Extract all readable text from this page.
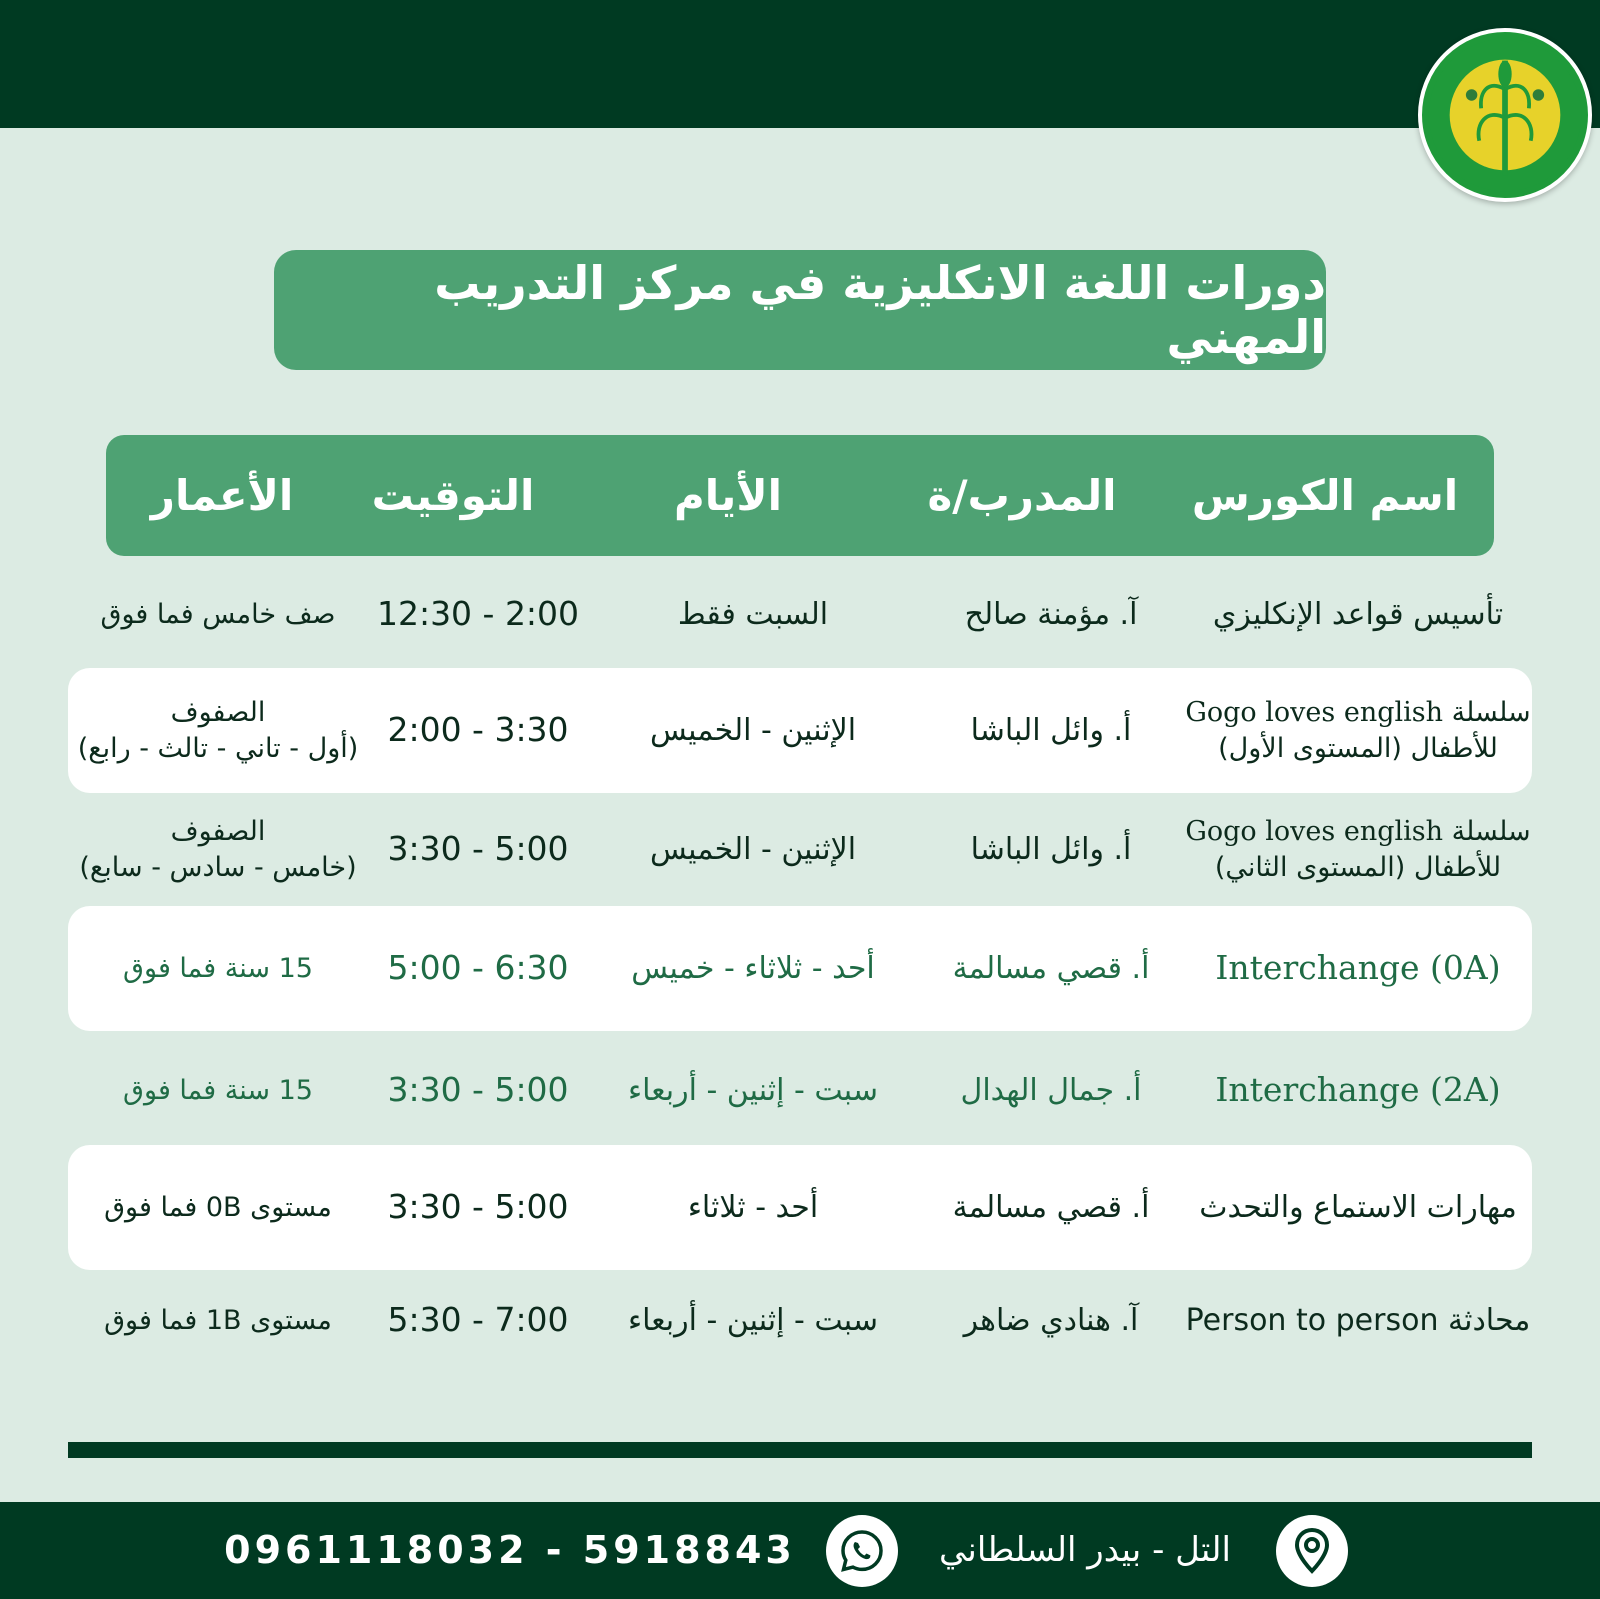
دورات اللغة الانكليزية في مركز التدريب المهني
اسم الكورس
المدرب/ة
الأيام
التوقيت
الأعمار
تأسيس قواعد الإنكليزي
آ. مؤمنة صالح
السبت فقط
12:30 - 2:00
صف خامس فما فوق
سلسلة Gogo loves english
للأطفال (المستوى الأول)
أ. وائل الباشا
الإثنين - الخميس
2:00 - 3:30
الصفوف
(أول - تاني - تالث - رابع)
سلسلة Gogo loves english
للأطفال (المستوى الثاني)
أ. وائل الباشا
الإثنين - الخميس
3:30 - 5:00
الصفوف
(خامس - سادس - سابع)
Interchange (0A)
أ. قصي مسالمة
أحد - ثلاثاء - خميس
5:00 - 6:30
15 سنة فما فوق
Interchange (2A)
أ. جمال الهدال
سبت - إثنين - أربعاء
3:30 - 5:00
15 سنة فما فوق
مهارات الاستماع والتحدث
أ. قصي مسالمة
أحد - ثلاثاء
3:30 - 5:00
مستوى 0B فما فوق
محادثة Person to person
آ. هنادي ضاهر
سبت - إثنين - أربعاء
5:30 - 7:00
مستوى 1B فما فوق
التل - بيدر السلطاني
0961118032 - 5918843
